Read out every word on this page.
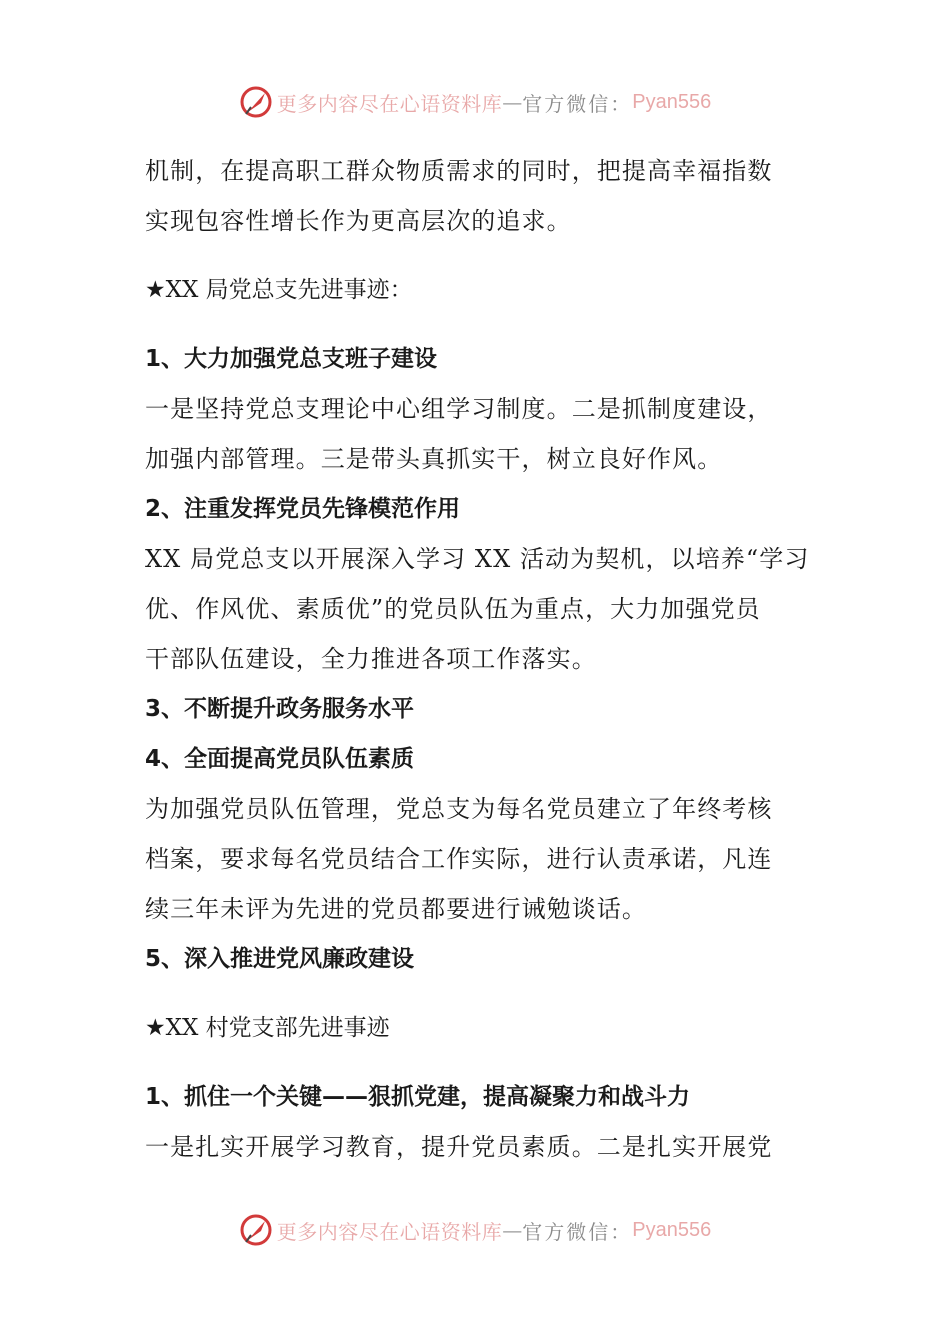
更多内容尽在心语资料库 — 官方微信： Pyan556
机制，在提高职工群众物质需求的同时，把提高幸福指数
实现包容性增长作为更高层次的追求。
★XX 局党总支先进事迹：
1、大力加强党总支班子建设
一是坚持党总支理论中心组学习制度。二是抓制度建设，
加强内部管理。三是带头真抓实干，树立良好作风。
2、注重发挥党员先锋模范作用
XX 局党总支以开展深入学习 XX 活动为契机，以培养“学习
优、作风优、素质优”的党员队伍为重点，大力加强党员
干部队伍建设，全力推进各项工作落实。
3、不断提升政务服务水平
4、全面提高党员队伍素质
为加强党员队伍管理，党总支为每名党员建立了年终考核
档案，要求每名党员结合工作实际，进行认责承诺，凡连
续三年未评为先进的党员都要进行诫勉谈话。
5、深入推进党风廉政建设
★XX 村党支部先进事迹
1、抓住一个关键——狠抓党建，提高凝聚力和战斗力
一是扎实开展学习教育，提升党员素质。二是扎实开展党
更多内容尽在心语资料库 — 官方微信： Pyan556
